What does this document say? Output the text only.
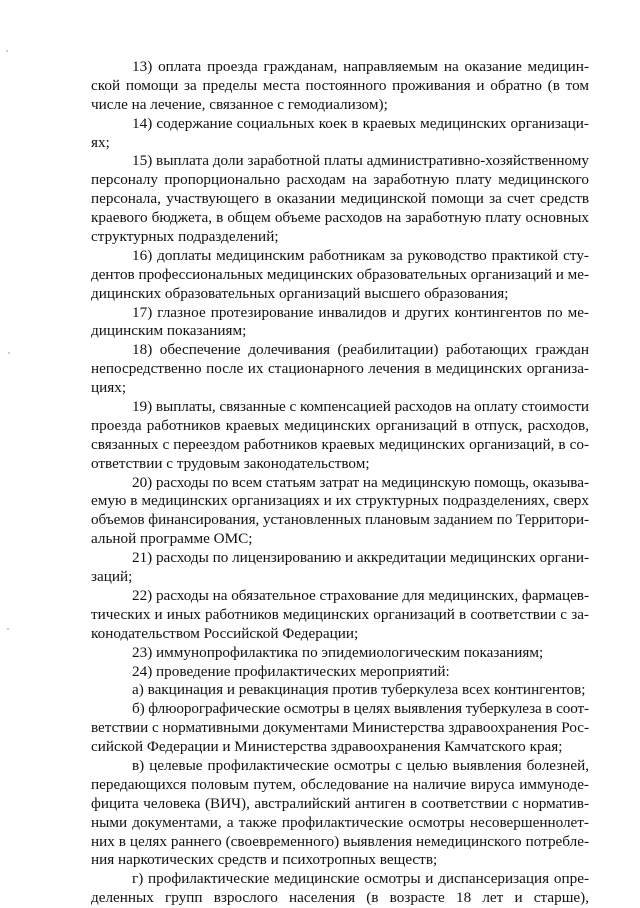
13) оплата проезда гражданам, направляемым на оказание медицин-
ской помощи за пределы места постоянного проживания и обратно (в том
числе на лечение, связанное с гемодиализом);
14) содержание социальных коек в краевых медицинских организаци-
ях;
15) выплата доли заработной платы административно-хозяйственному
персоналу пропорционально расходам на заработную плату медицинского
персонала, участвующего в оказании медицинской помощи за счет средств
краевого бюджета, в общем объеме расходов на заработную плату основных
структурных подразделений;
16) доплаты медицинским работникам за руководство практикой сту-
дентов профессиональных медицинских образовательных организаций и ме-
дицинских образовательных организаций высшего образования;
17) глазное протезирование инвалидов и других контингентов по ме-
дицинским показаниям;
18) обеспечение долечивания (реабилитации) работающих граждан
непосредственно после их стационарного лечения в медицинских организа-
циях;
19) выплаты, связанные с компенсацией расходов на оплату стоимости
проезда работников краевых медицинских организаций в отпуск, расходов,
связанных с переездом работников краевых медицинских организаций, в со-
ответствии с трудовым законодательством;
20) расходы по всем статьям затрат на медицинскую помощь, оказыва-
емую в медицинских организациях и их структурных подразделениях, сверх
объемов финансирования, установленных плановым заданием по Территори-
альной программе ОМС;
21) расходы по лицензированию и аккредитации медицинских органи-
заций;
22) расходы на обязательное страхование для медицинских, фармацев-
тических и иных работников медицинских организаций в соответствии с за-
конодательством Российской Федерации;
23) иммунопрофилактика по эпидемиологическим показаниям;
24) проведение профилактических мероприятий:
а) вакцинация и ревакцинация против туберкулеза всех контингентов;
б) флюорографические осмотры в целях выявления туберкулеза в соот-
ветствии с нормативными документами Министерства здравоохранения Рос-
сийской Федерации и Министерства здравоохранения Камчатского края;
в) целевые профилактические осмотры с целью выявления болезней,
передающихся половым путем, обследование на наличие вируса иммуноде-
фицита человека (ВИЧ), австралийский антиген в соответствии с норматив-
ными документами, а также профилактические осмотры несовершеннолет-
них в целях раннего (своевременного) выявления немедицинского потребле-
ния наркотических средств и психотропных веществ;
г) профилактические медицинские осмотры и диспансеризация опре-
деленных групп взрослого населения (в возрасте 18 лет и старше),
